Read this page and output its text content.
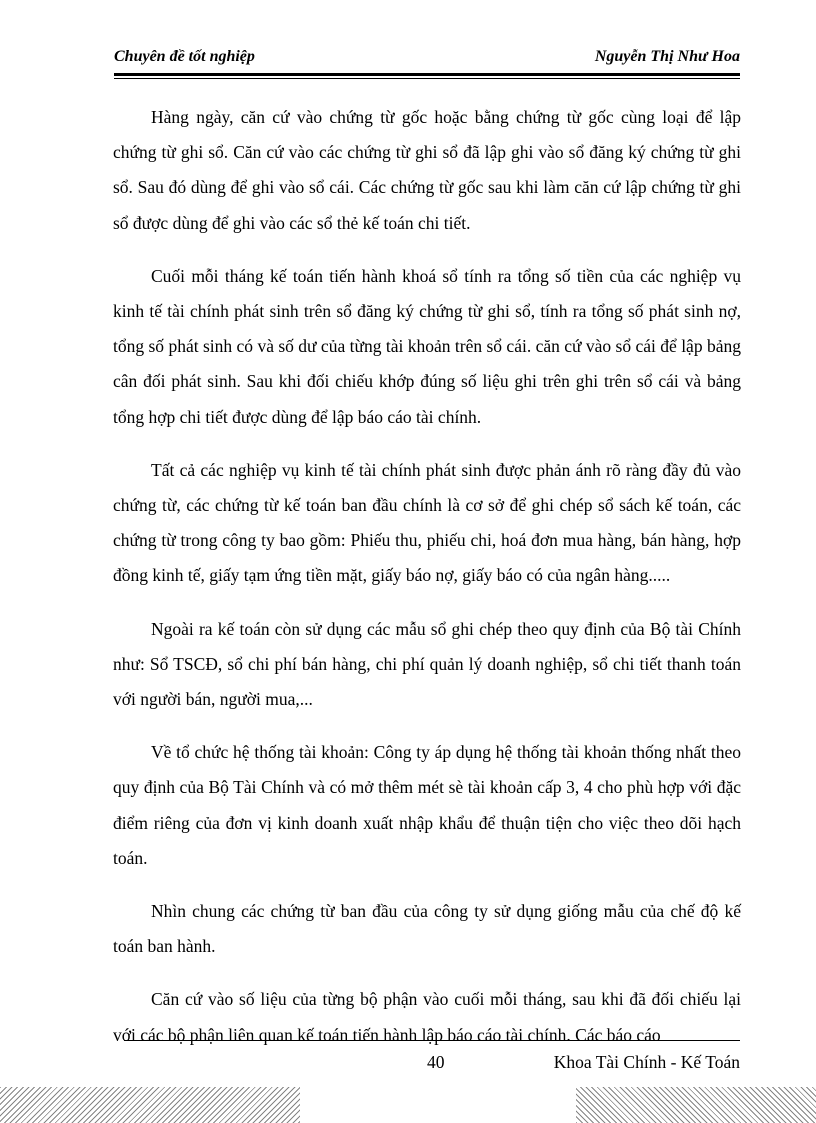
Chuyên đề tốt nghiệp	Nguyễn Thị Như Hoa

Hàng ngày, căn cứ vào chứng từ gốc hoặc bằng chứng từ gốc cùng loại để lập chứng từ ghi sổ. Căn cứ vào các chứng từ ghi sổ đã lập ghi vào sổ đăng ký chứng từ ghi sổ. Sau đó dùng để ghi vào sổ cái. Các chứng từ gốc sau khi làm căn cứ lập chứng từ ghi sổ được dùng để ghi vào các sổ thẻ kế toán chi tiết.

Cuối mỗi tháng kế toán tiến hành khoá sổ tính ra tổng số tiền của các nghiệp vụ kinh tế tài chính phát sinh trên sổ đăng ký chứng từ ghi sổ, tính ra tổng số phát sinh nợ, tổng số phát sinh có và số dư của từng tài khoản trên sổ cái. căn cứ vào sổ cái để lập bảng cân đối phát sinh. Sau khi đối chiếu khớp đúng số liệu ghi trên ghi trên sổ cái và bảng tổng hợp chi tiết được dùng để lập báo cáo tài chính.

Tất cả các nghiệp vụ kinh tế tài chính phát sinh được phản ánh rõ ràng đầy đủ vào chứng từ, các chứng từ kế toán ban đầu chính là cơ sở để ghi chép sổ sách kế toán, các chứng từ trong công ty bao gồm: Phiếu thu, phiếu chi, hoá đơn mua hàng, bán hàng, hợp đồng kinh tế, giấy tạm ứng tiền mặt, giấy báo nợ, giấy báo có của ngân hàng.....

Ngoài ra kế toán còn sử dụng các mẫu sổ ghi chép theo quy định của Bộ tài Chính như: Sổ TSCĐ, sổ chi phí bán hàng, chi phí quản lý doanh nghiệp, sổ chi tiết thanh toán với người bán, người mua,...

Về tổ chức hệ thống tài khoản: Công ty áp dụng hệ thống tài khoản thống nhất theo quy định của Bộ Tài Chính và có mở thêm mét sè tài khoản cấp 3, 4 cho phù hợp với đặc điểm riêng của đơn vị kinh doanh xuất nhập khẩu để thuận tiện cho việc theo dõi hạch toán.

Nhìn chung các chứng từ ban đầu của công ty sử dụng giống mẫu của chế độ kế toán ban hành.

Căn cứ vào số liệu của từng bộ phận vào cuối mỗi tháng, sau khi đã đối chiếu lại với các bộ phận liên quan kế toán tiến hành lập báo cáo tài chính. Các báo cáo

40	Khoa Tài Chính - Kế Toán
